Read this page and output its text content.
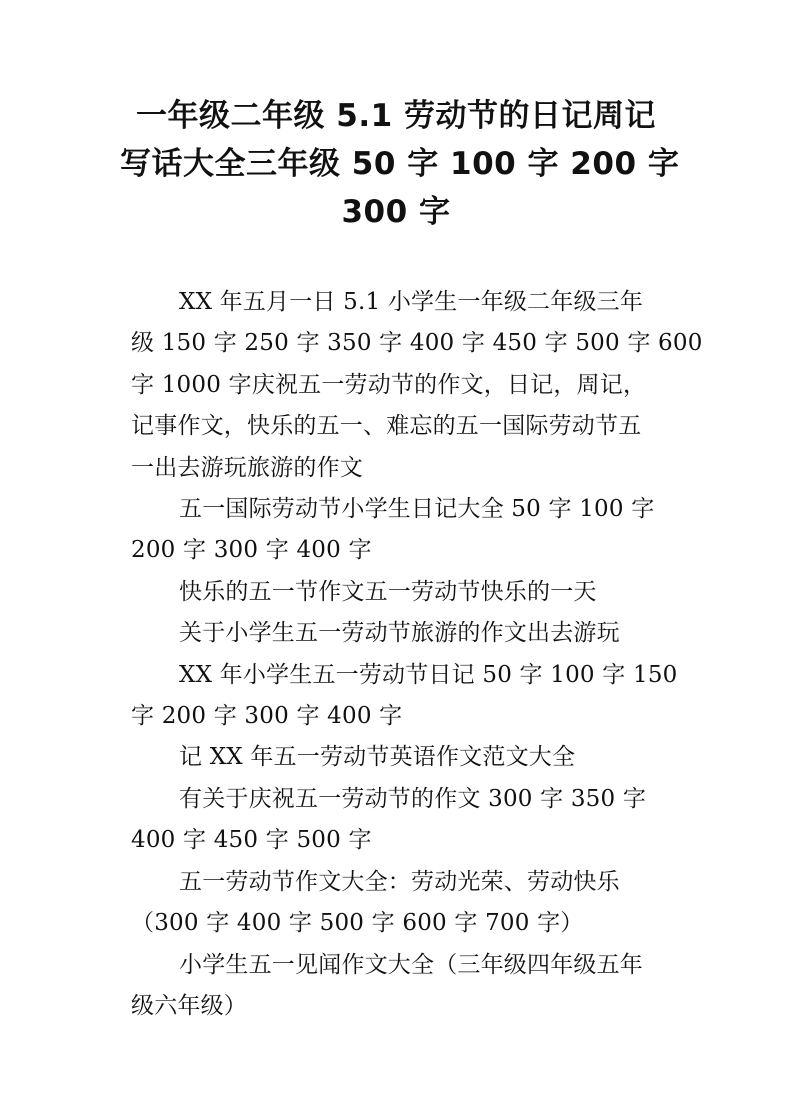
一年级二年级 5.1 劳动节的日记周记
写话大全三年级 50 字 100 字 200 字
300 字

XX 年五月一日 5.1 小学生一年级二年级三年
级 150 字 250 字 350 字 400 字 450 字 500 字 600
字 1000 字庆祝五一劳动节的作文，日记，周记，
记事作文，快乐的五一、难忘的五一国际劳动节五
一出去游玩旅游的作文

五一国际劳动节小学生日记大全 50 字 100 字
200 字 300 字 400 字

快乐的五一节作文五一劳动节快乐的一天

关于小学生五一劳动节旅游的作文出去游玩

XX 年小学生五一劳动节日记 50 字 100 字 150
字 200 字 300 字 400 字

记 XX 年五一劳动节英语作文范文大全

有关于庆祝五一劳动节的作文 300 字 350 字
400 字 450 字 500 字

五一劳动节作文大全：劳动光荣、劳动快乐
（300 字 400 字 500 字 600 字 700 字）

小学生五一见闻作文大全（三年级四年级五年
级六年级）
